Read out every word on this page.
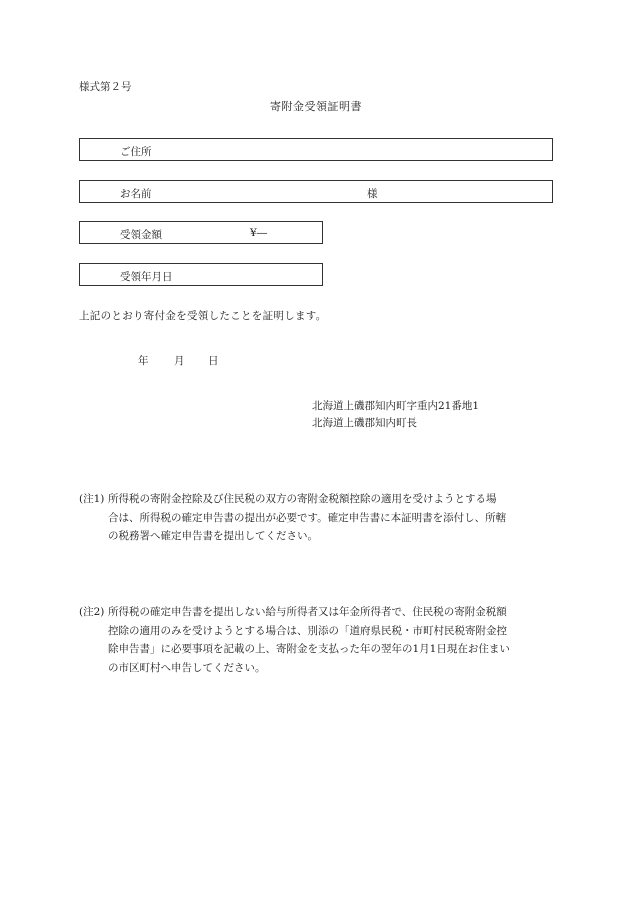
様式第２号
寄附金受領証明書
ご住所
お名前	様
受領金額	¥―
受領年月日
上記のとおり寄付金を受領したことを証明します。
年 月 日
北海道上磯郡知内町字重内21番地1
北海道上磯郡知内町長
(注1) 所得税の寄附金控除及び住民税の双方の寄附金税額控除の適用を受けようとする場
合は、所得税の確定申告書の提出が必要です。確定申告書に本証明書を添付し、所轄
の税務署へ確定申告書を提出してください。
(注2) 所得税の確定申告書を提出しない給与所得者又は年金所得者で、住民税の寄附金税額
控除の適用のみを受けようとする場合は、別添の「道府県民税・市町村民税寄附金控
除申告書」に必要事項を記載の上、寄附金を支払った年の翌年の1月1日現在お住まい
の市区町村へ申告してください。
